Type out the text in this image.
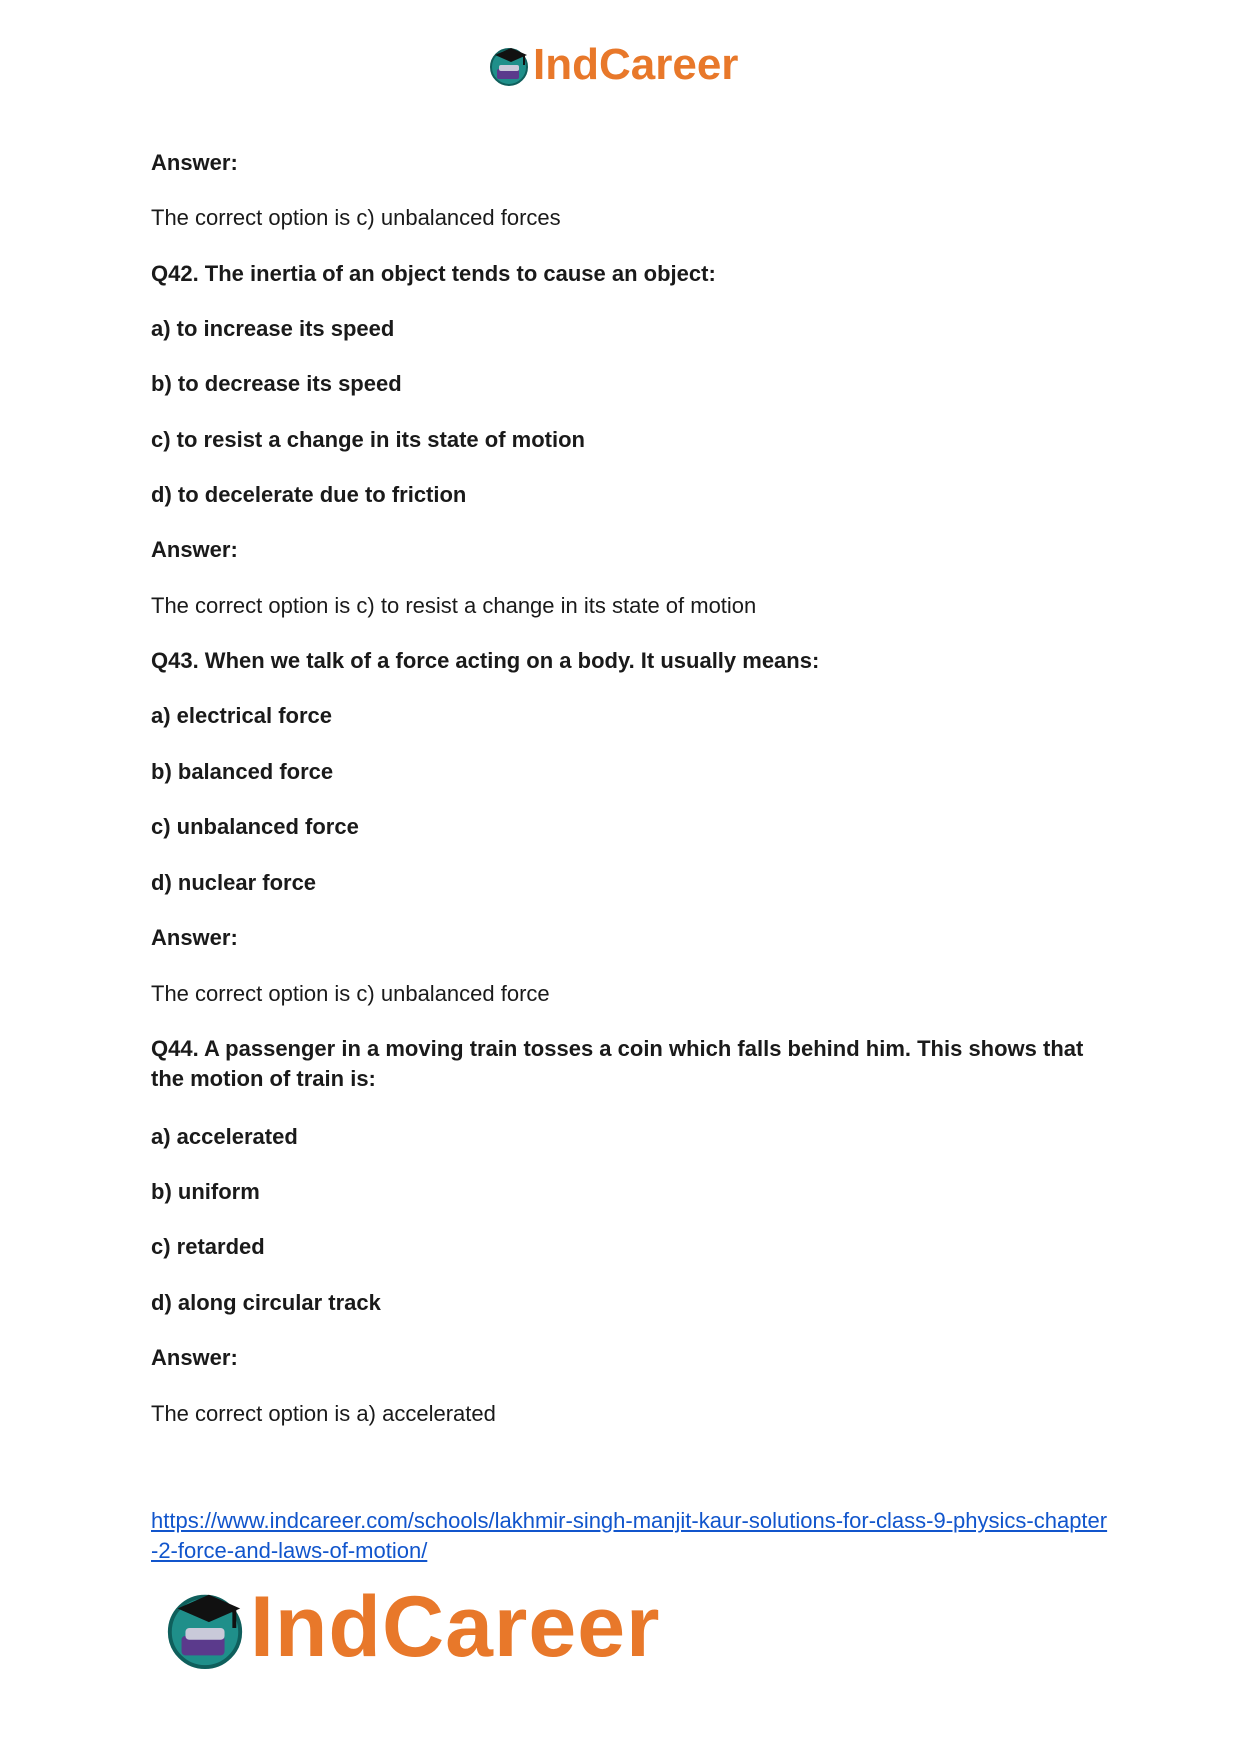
IndCareer
Answer:
The correct option is c) unbalanced forces
Q42. The inertia of an object tends to cause an object:
a) to increase its speed
b) to decrease its speed
c) to resist a change in its state of motion
d) to decelerate due to friction
Answer:
The correct option is c) to resist a change in its state of motion
Q43. When we talk of a force acting on a body. It usually means:
a) electrical force
b) balanced force
c) unbalanced force
d) nuclear force
Answer:
The correct option is c) unbalanced force
Q44. A passenger in a moving train tosses a coin which falls behind him. This shows that the motion of train is:
a) accelerated
b) uniform
c) retarded
d) along circular track
Answer:
The correct option is a) accelerated
https://www.indcareer.com/schools/lakhmir-singh-manjit-kaur-solutions-for-class-9-physics-chapter-2-force-and-laws-of-motion/
IndCareer
